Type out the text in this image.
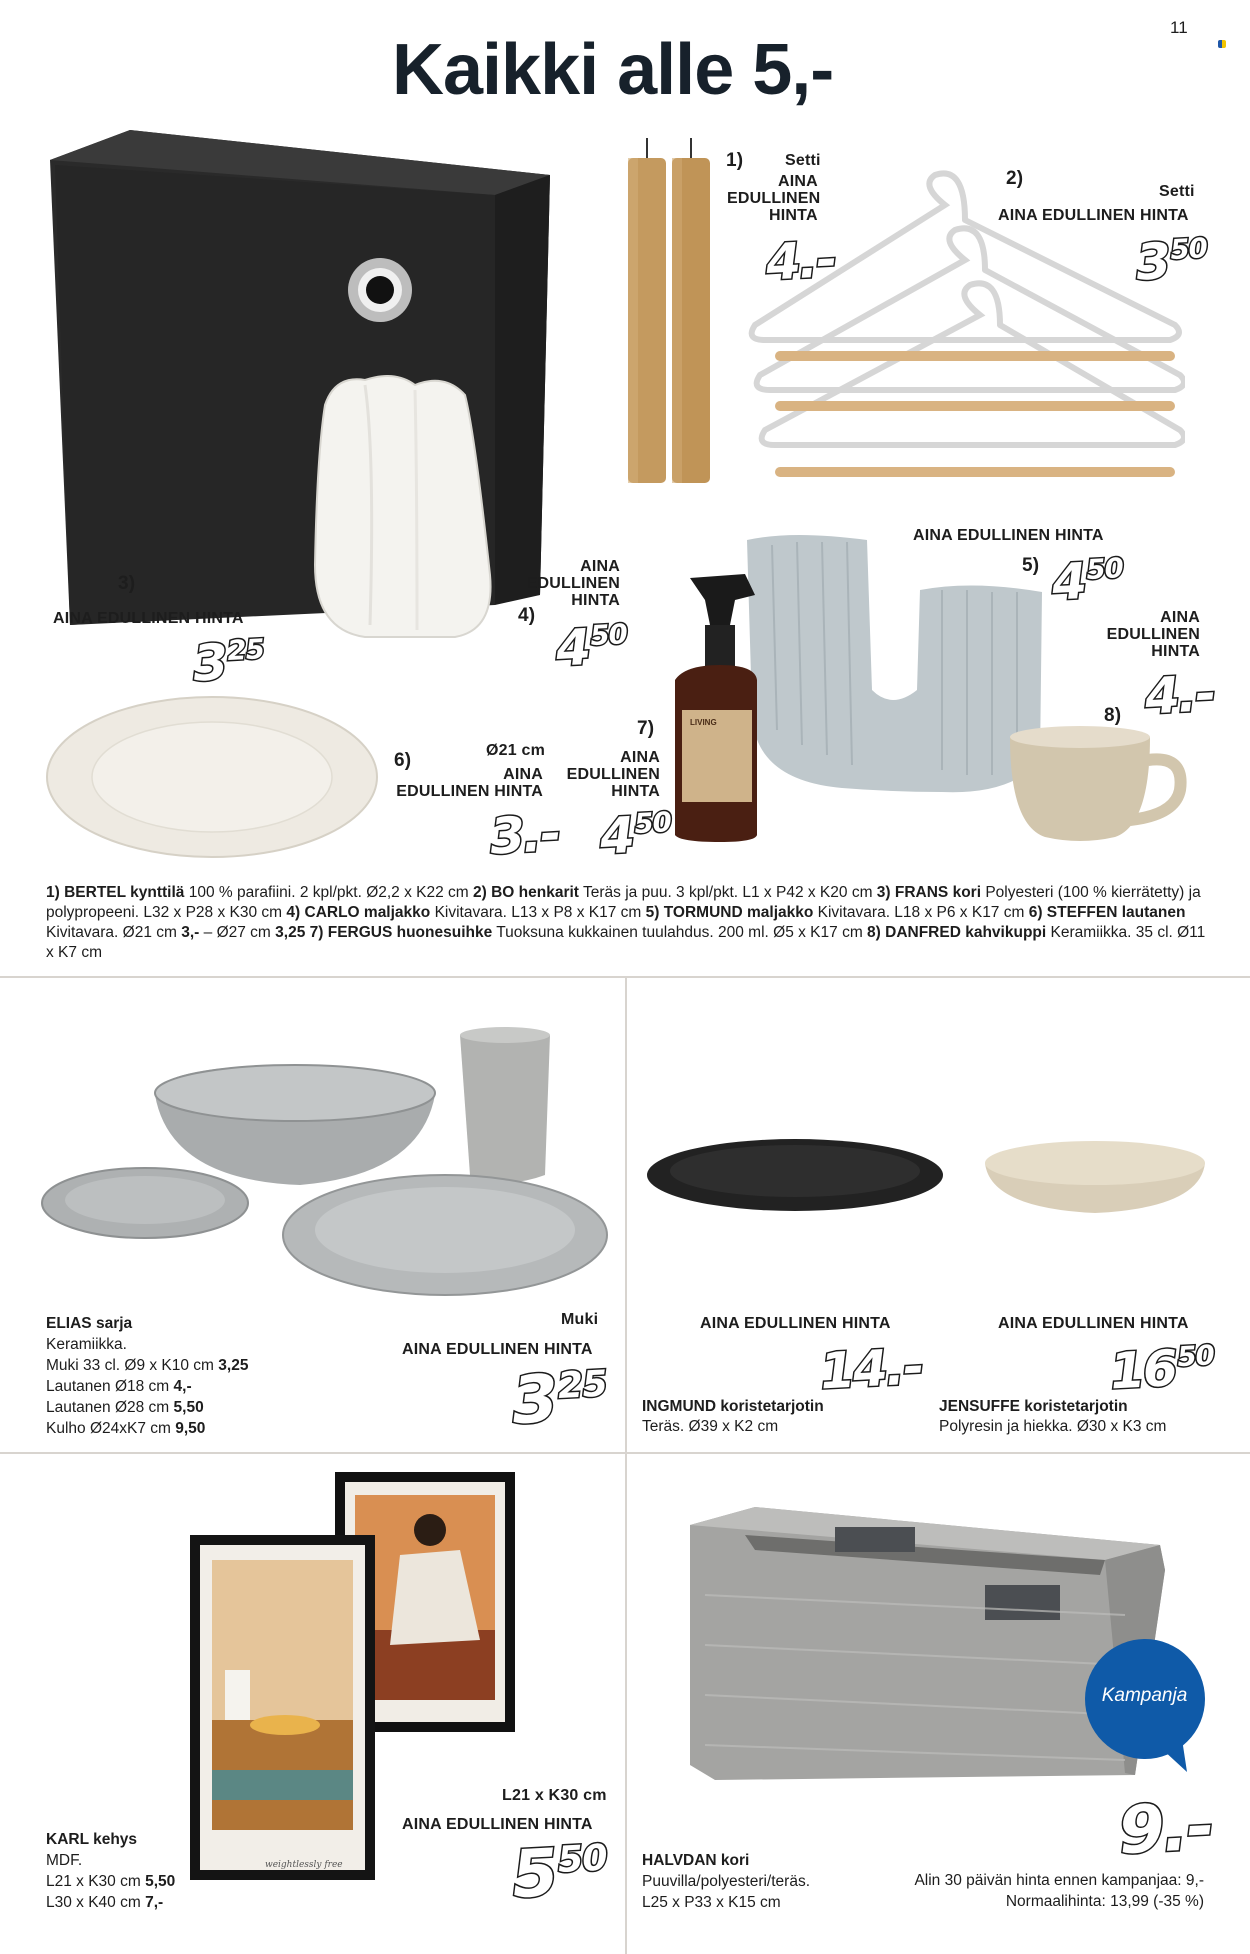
11
Kaikki alle 5,-
LIVING
1)	Setti
AINA
EDULLINEN
HINTA
4.-
2)
Setti
AINA EDULLINEN HINTA
$3^{50}$
3)
AINA EDULLINEN HINTA
$3^{25}$
AINA
EDULLINEN
HINTA
4)
$4^{50}$
AINA EDULLINEN HINTA
5) $4^{50}$
AINA
EDULLINEN
HINTA
4.-
8)
7)
AINA
EDULLINEN
HINTA
$4^{50}$
Ø21 cm
6)
AINA
EDULLINEN HINTA
3.-
1) BERTEL kynttilä 100 % parafiini. 2 kpl/pkt. Ø2,2 x K22 cm 2) BO henkarit Teräs ja puu. 3 kpl/pkt. L1 x P42 x K20 cm 3) FRANS kori Polyesteri (100 % kierrätetty) ja polypropeeni. L32 x P28 x K30 cm 4) CARLO maljakko Kivitavara. L13 x P8 x K17 cm 5) TORMUND maljakko Kivitavara. L18 x P6 x K17 cm 6) STEFFEN lautanen Kivitavara. Ø21 cm 3,- – Ø27 cm 3,25 7) FERGUS huonesuihke Tuoksuna kukkainen tuulahdus. 200 ml. Ø5 x K17 cm 8) DANFRED kahvikuppi Keramiikka. 35 cl. Ø11 x K7 cm
Muki
AINA EDULLINEN HINTA
ELIAS sarja
Keramiikka.
Muki 33 cl. Ø9 x K10 cm 3,25
Lautanen Ø18 cm 4,-
Lautanen Ø28 cm 5,50
Kulho Ø24xK7 cm 9,50	$3^{25}$
AINA EDULLINEN HINTA	AINA EDULLINEN HINTA
14.-	$16^{50}$
INGMUND koristetarjotin
Teräs. Ø39 x K2 cm
JENSUFFE koristetarjotin
Polyresin ja hiekka. Ø30 x K3 cm
weightlessly free
L21 x K30 cm
AINA EDULLINEN HINTA
KARL kehys
MDF.
L21 x K30 cm 5,50
L30 x K40 cm 7,-	$5^{50}$
Kampanja
9.-
HALVDAN kori
Puuvilla/polyesteri/teräs.
L25 x P33 x K15 cm
Alin 30 päivän hinta ennen kampanjaa: 9,-
Normaalihinta: 13,99 (-35 %)
